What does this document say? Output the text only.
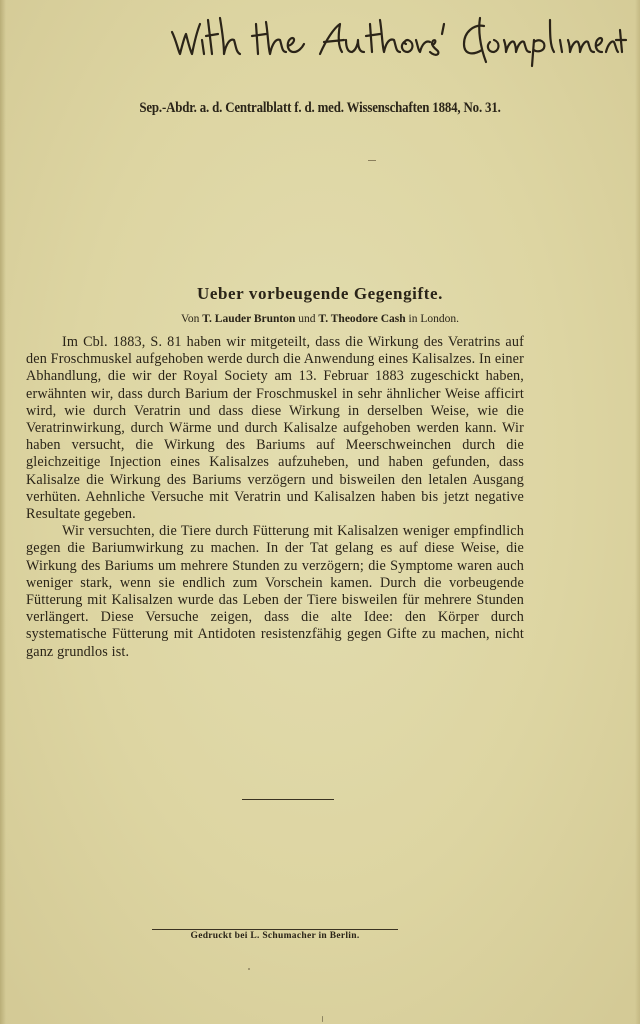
Sep.-Abdr. a. d. Centralblatt f. d. med. Wissenschaften 1884, No. 31.
Ueber vorbeugende Gegengifte.
Von T. Lauder Brunton und T. Theodore Cash in London.

Im Cbl. 1883, S. 81 haben wir mitgeteilt, dass die Wirkung des Veratrins auf den Froschmuskel aufgehoben werde durch die Anwendung eines Kalisalzes. In einer Abhandlung, die wir der Royal Society am 13. Februar 1883 zugeschickt haben, erwähnten wir, dass durch Barium der Froschmuskel in sehr ähnlicher Weise afficirt wird, wie durch Veratrin und dass diese Wirkung in derselben Weise, wie die Veratrinwirkung, durch Wärme und durch Kalisalze aufgehoben werden kann. Wir haben versucht, die Wirkung des Bariums auf Meerschweinchen durch die gleichzeitige Injection eines Kalisalzes aufzuheben, und haben gefunden, dass Kalisalze die Wirkung des Bariums verzögern und bisweilen den letalen Ausgang verhüten. Aehnliche Versuche mit Veratrin und Kalisalzen haben bis jetzt negative Resultate gegeben.

Wir versuchten, die Tiere durch Fütterung mit Kalisalzen weniger empfindlich gegen die Bariumwirkung zu machen. In der Tat gelang es auf diese Weise, die Wirkung des Bariums um mehrere Stunden zu verzögern; die Symptome waren auch weniger stark, wenn sie endlich zum Vorschein kamen. Durch die vorbeugende Fütterung mit Kalisalzen wurde das Leben der Tiere bisweilen für mehrere Stunden verlängert. Diese Versuche zeigen, dass die alte Idee: den Körper durch systematische Fütterung mit Antidoten resistenzfähig gegen Gifte zu machen, nicht ganz grundlos ist.

Gedruckt bei L. Schumacher in Berlin.
